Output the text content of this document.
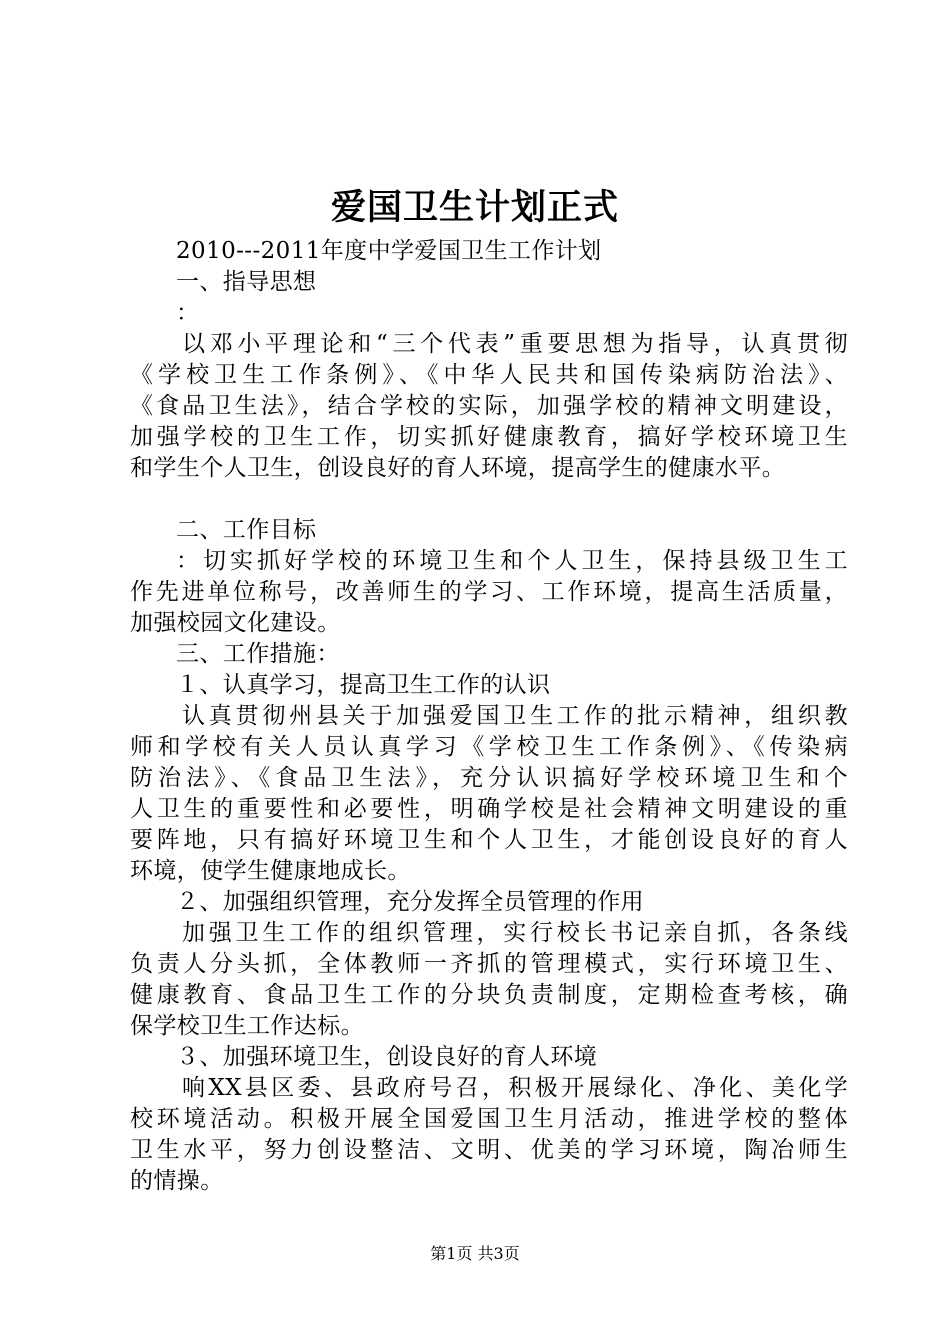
爱国卫生计划正式
2010---2011年度中学爱国卫生工作计划
一、指导思想
：
以邓小平理论和“三个代表”重要思想为指导，认真贯彻
《学校卫生工作条例》、《中华人民共和国传染病防治法》、
《食品卫生法》，结合学校的实际，加强学校的精神文明建设，
加强学校的卫生工作，切实抓好健康教育，搞好学校环境卫生
和学生个人卫生，创设良好的育人环境，提高学生的健康水平。
二、工作目标
：切实抓好学校的环境卫生和个人卫生，保持县级卫生工
作先进单位称号，改善师生的学习、工作环境，提高生活质量，
加强校园文化建设。
三、工作措施：
１、认真学习，提高卫生工作的认识
认真贯彻州县关于加强爱国卫生工作的批示精神，组织教
师和学校有关人员认真学习《学校卫生工作条例》、《传染病
防治法》、《食品卫生法》，充分认识搞好学校环境卫生和个
人卫生的重要性和必要性，明确学校是社会精神文明建设的重
要阵地，只有搞好环境卫生和个人卫生，才能创设良好的育人
环境，使学生健康地成长。
２、加强组织管理，充分发挥全员管理的作用
加强卫生工作的组织管理，实行校长书记亲自抓，各条线
负责人分头抓，全体教师一齐抓的管理模式，实行环境卫生、
健康教育、食品卫生工作的分块负责制度，定期检查考核，确
保学校卫生工作达标。
３、加强环境卫生，创设良好的育人环境
响XX县区委、县政府号召，积极开展绿化、净化、美化学
校环境活动。积极开展全国爱国卫生月活动，推进学校的整体
卫生水平，努力创设整洁、文明、优美的学习环境，陶冶师生
的情操。
第1页 共3页
